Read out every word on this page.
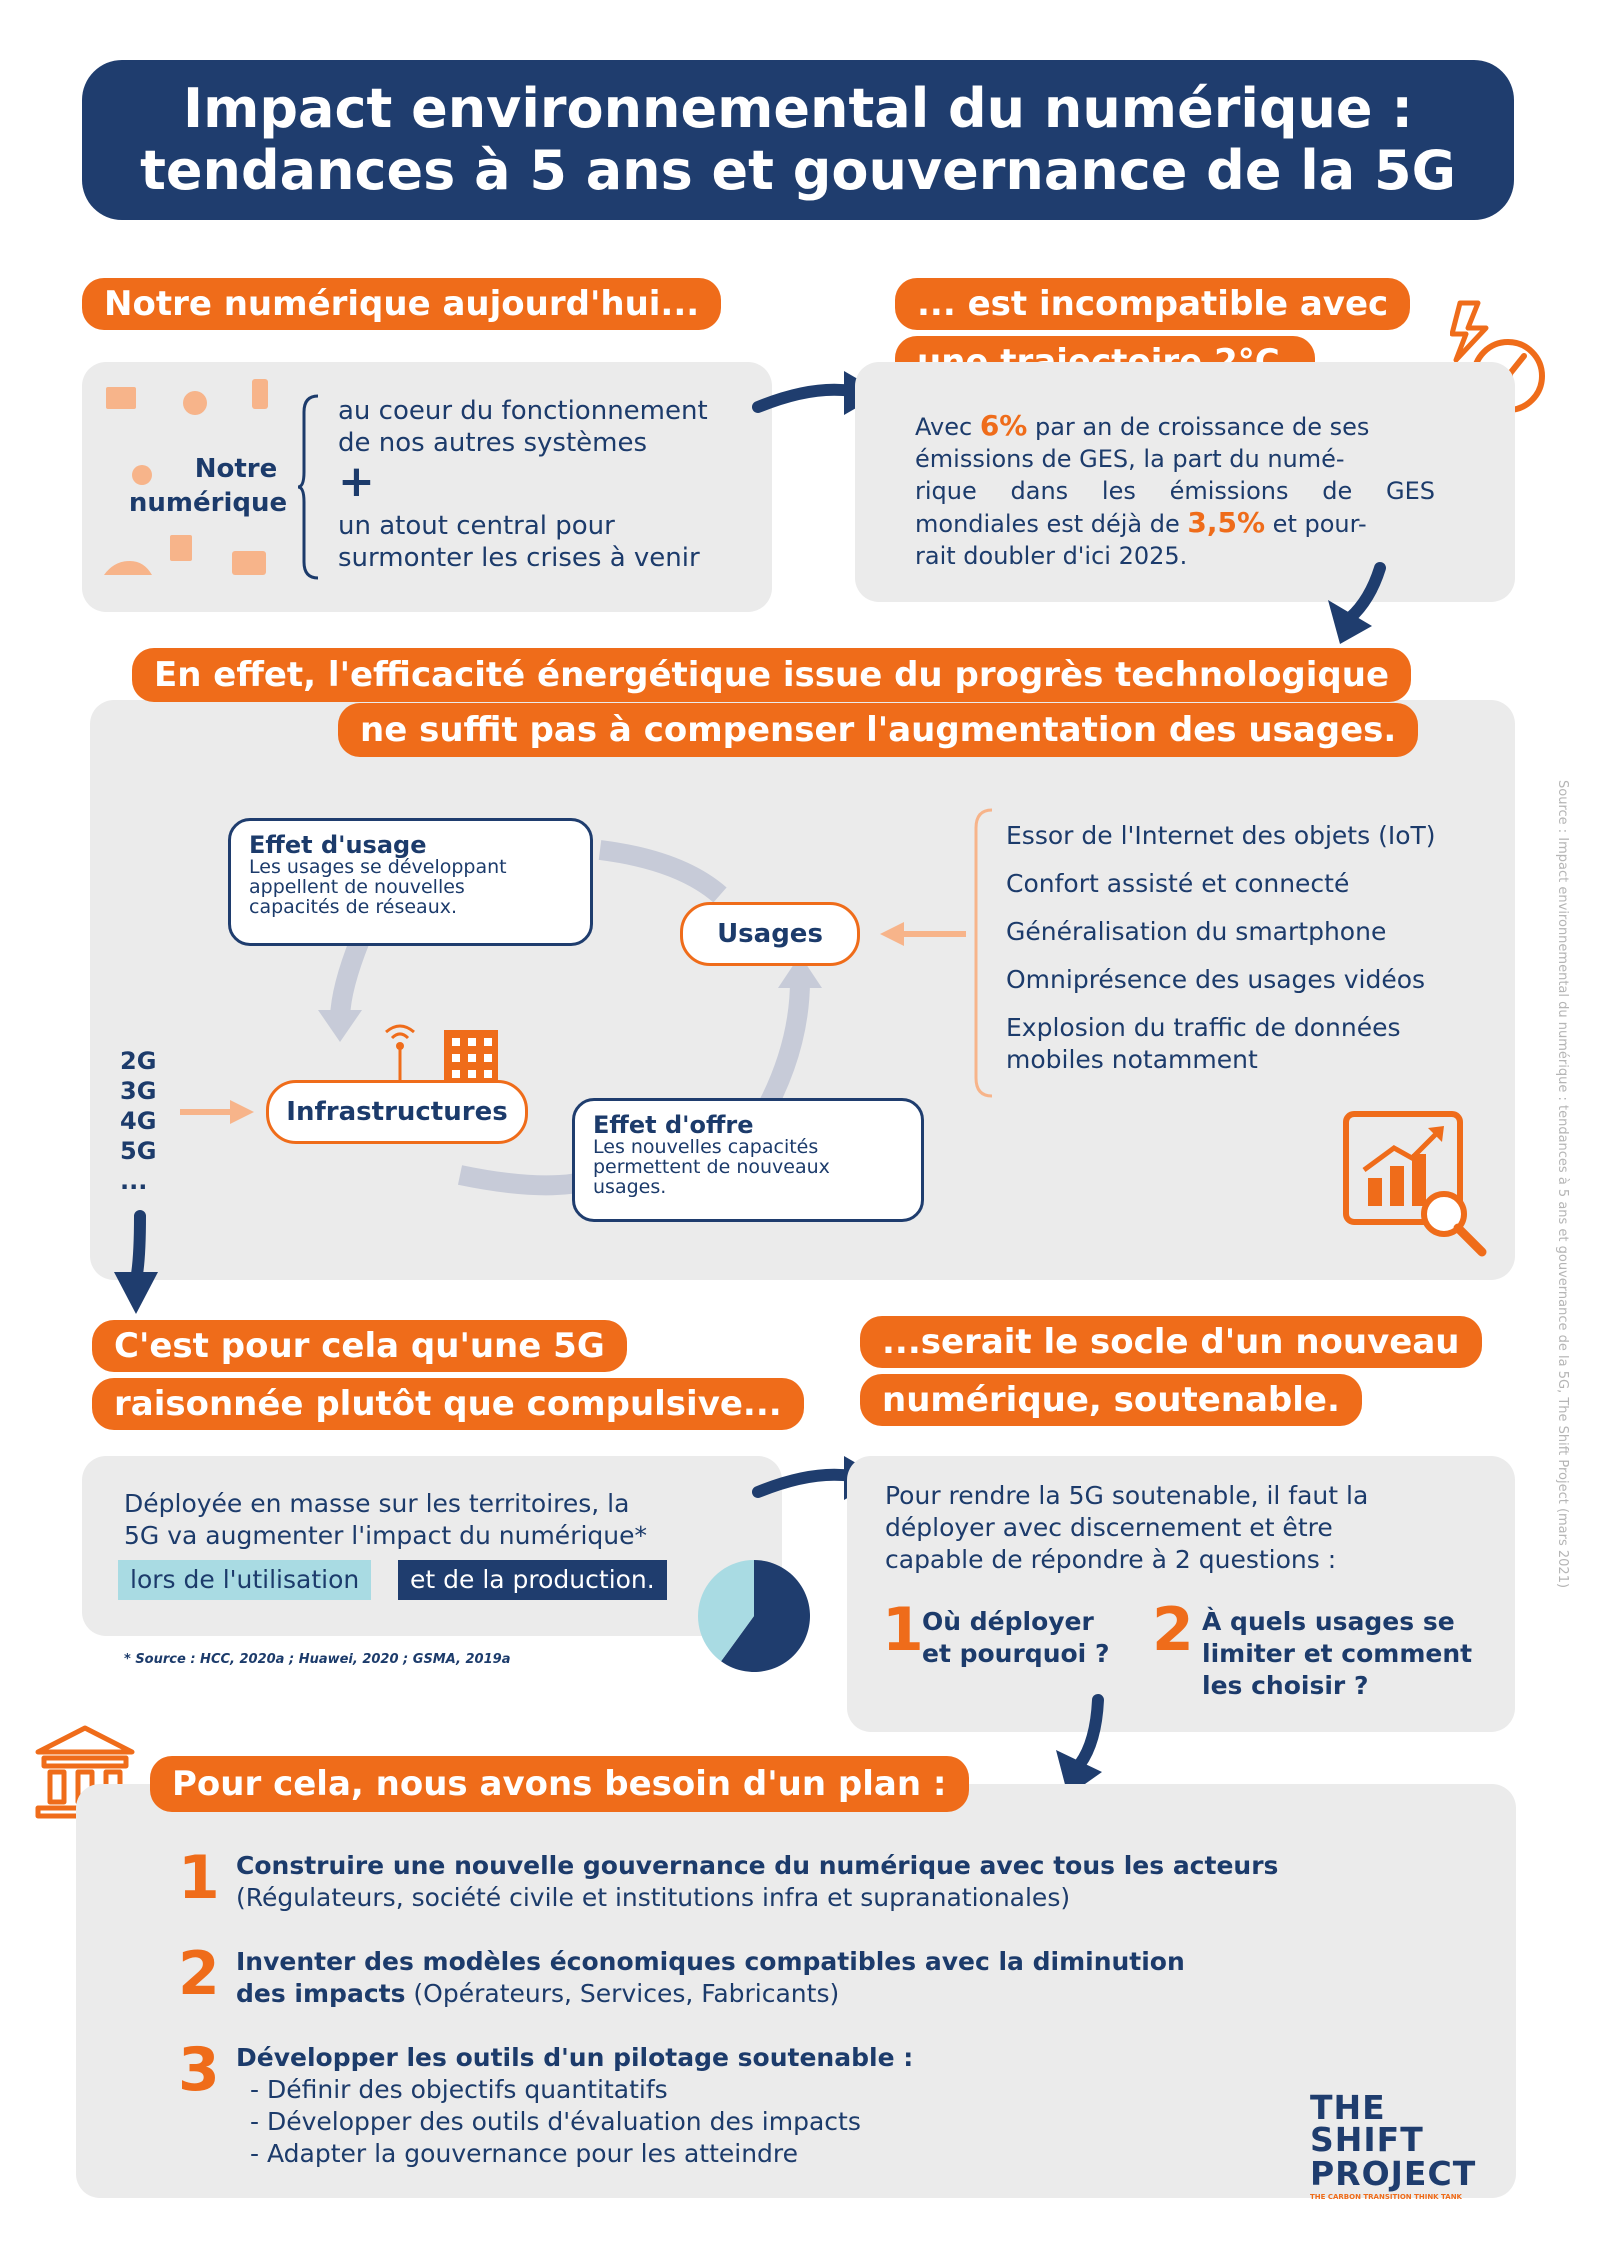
Impact environnemental du numérique :
tendances à 5 ans et gouvernance de la 5G
Notre numérique aujourd'hui...	... est incompatible avec
Notre
numérique
au coeur du fonctionnement
de nos autres systèmes
+
un atout central pour
surmonter les crises à venir
Avec 6% par an de croissance de ses
émissions de GES, la part du numé-
rique dans les émissions de GES
mondiales est déjà de 3,5% et pour-
rait doubler d'ici 2025.
En effet, l'efficacité énergétique issue du progrès technologique
ne suffit pas à compenser l'augmentation des usages.
Effet d'usage
Les usages se développant
appellent de nouvelles
capacités de réseaux.
Usages
Infrastructures	Effet d'offre
Les nouvelles capacités
permettent de nouveaux
usages.
2G
3G
4G
5G
...
Essor de l'Internet des objets (IoT)
Confort assisté et connecté
Généralisation du smartphone
Omniprésence des usages vidéos
Explosion du traffic de données
mobiles notamment
C'est pour cela qu'une 5G
raisonnée plutôt que compulsive...
...serait le socle d'un nouveau
numérique, soutenable.
Déployée en masse sur les territoires, la
5G va augmenter l'impact du numérique*
lors de l'utilisation	et de la production.
* Source : HCC, 2020a ; Huawei, 2020 ; GSMA, 2019a
Pour rendre la 5G soutenable, il faut la
déployer avec discernement et être
capable de répondre à 2 questions :
1
Où déployer
et pourquoi ? 2 À quels usages se
limiter et comment
les choisir ?
Pour cela, nous avons besoin d'un plan :
1 Construire une nouvelle gouvernance du numérique avec tous les acteurs
(Régulateurs, société civile et institutions infra et supranationales)
2 Inventer des modèles économiques compatibles avec la diminution
des impacts (Opérateurs, Services, Fabricants)
3 Développer les outils d'un pilotage soutenable :
- Définir des objectifs quantitatifs
- Développer des outils d'évaluation des impacts
- Adapter la gouvernance pour les atteindre
THE SHIFT
PROJECT
THE CARBON TRANSITION THINK TANK
Source : Impact environnemental du numérique : tendances à 5 ans et gouvernance de la 5G, The Shift Project (mars 2021)
